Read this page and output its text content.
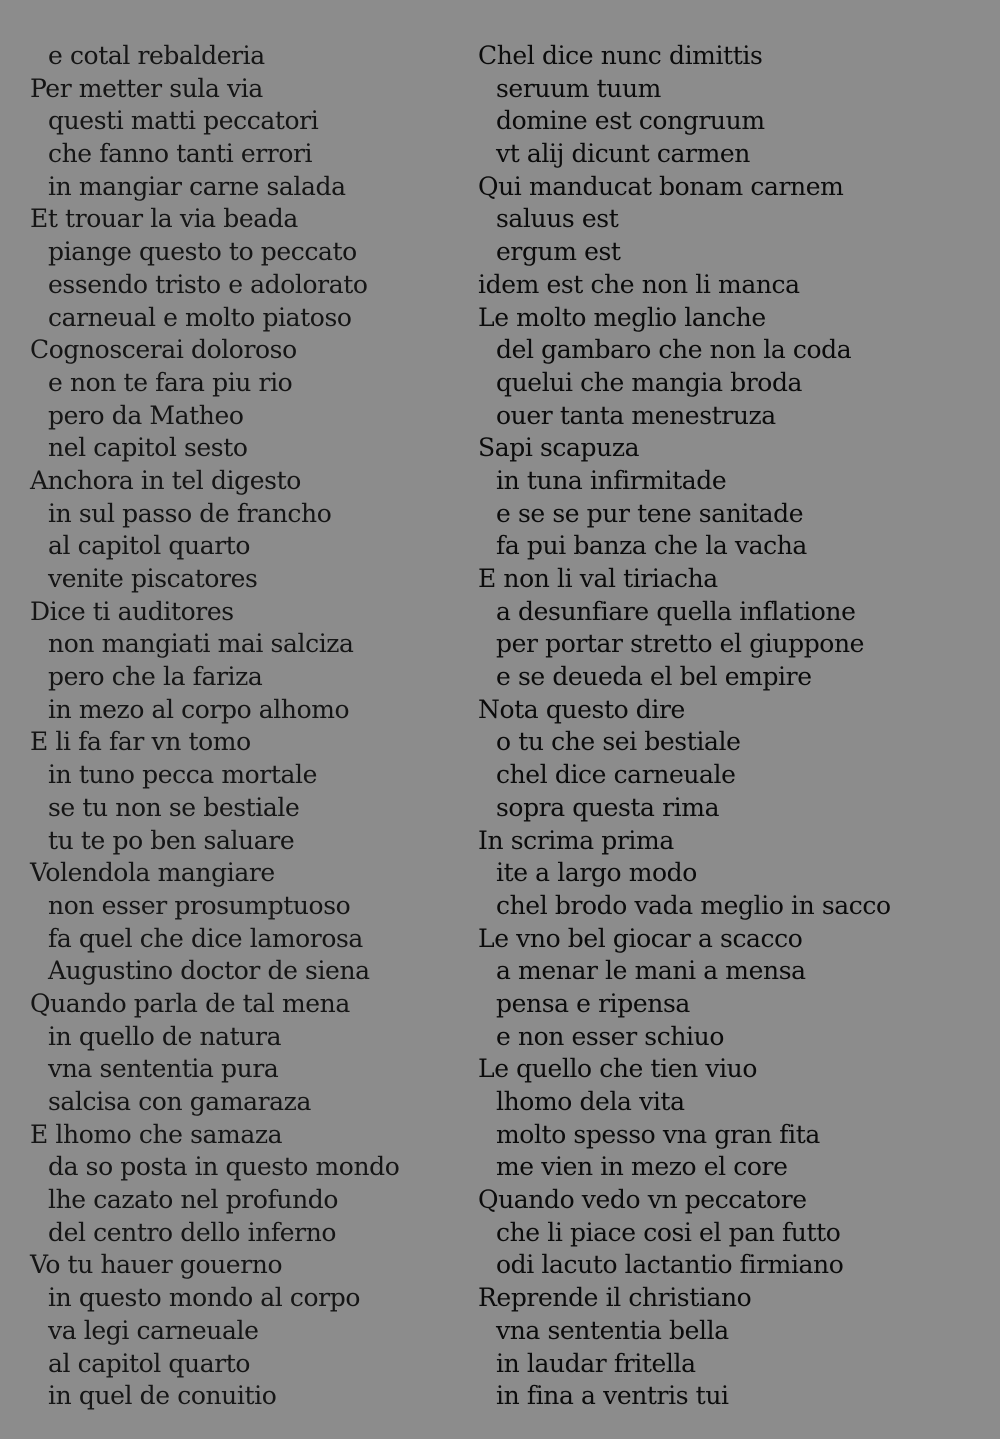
e cotal rebalderia
Per metter sula via
questi matti peccatori
che fanno tanti errori
in mangiar carne salada
Et trouar la via beada
piange questo to peccato
essendo tristo e adolorato
carneual e molto piatoso
Cognoscerai doloroso
e non te fara piu rio
pero da Matheo
nel capitol sesto
Anchora in tel digesto
in sul passo de francho
al capitol quarto
venite piscatores
Dice ti auditores
non mangiati mai salciza
pero che la fariza
in mezo al corpo alhomo
E li fa far vn tomo
in tuno pecca mortale
se tu non se bestiale
tu te po ben saluare
Volendola mangiare
non esser prosumptuoso
fa quel che dice lamorosa
Augustino doctor de siena
Quando parla de tal mena
in quello de natura
vna sententia pura
salcisa con gamaraza
E lhomo che samaza
da so posta in questo mondo
lhe cazato nel profundo
del centro dello inferno
Vo tu hauer gouerno
in questo mondo al corpo
va legi carneuale
al capitol quarto
in quel de conuitio
Chel dice nunc dimittis
seruum tuum
domine est congruum
vt alij dicunt carmen
Qui manducat bonam carnem
saluus est
ergum est
idem est che non li manca
Le molto meglio lanche
del gambaro che non la coda
quelui che mangia broda
ouer tanta menestruza
Sapi scapuza
in tuna infirmitade
e se se pur tene sanitade
fa pui banza che la vacha
E non li val tiriacha
a desunfiare quella inflatione
per portar stretto el giuppone
e se deueda el bel empire
Nota questo dire
o tu che sei bestiale
chel dice carneuale
sopra questa rima
In scrima prima
ite a largo modo
chel brodo vada meglio in sacco
Le vno bel giocar a scacco
a menar le mani a mensa
pensa e ripensa
e non esser schiuo
Le quello che tien viuo
lhomo dela vita
molto spesso vna gran fita
me vien in mezo el core
Quando vedo vn peccatore
che li piace cosi el pan futto
odi lacuto lactantio firmiano
Reprende il christiano
vna sententia bella
in laudar fritella
in fina a ventris tui
